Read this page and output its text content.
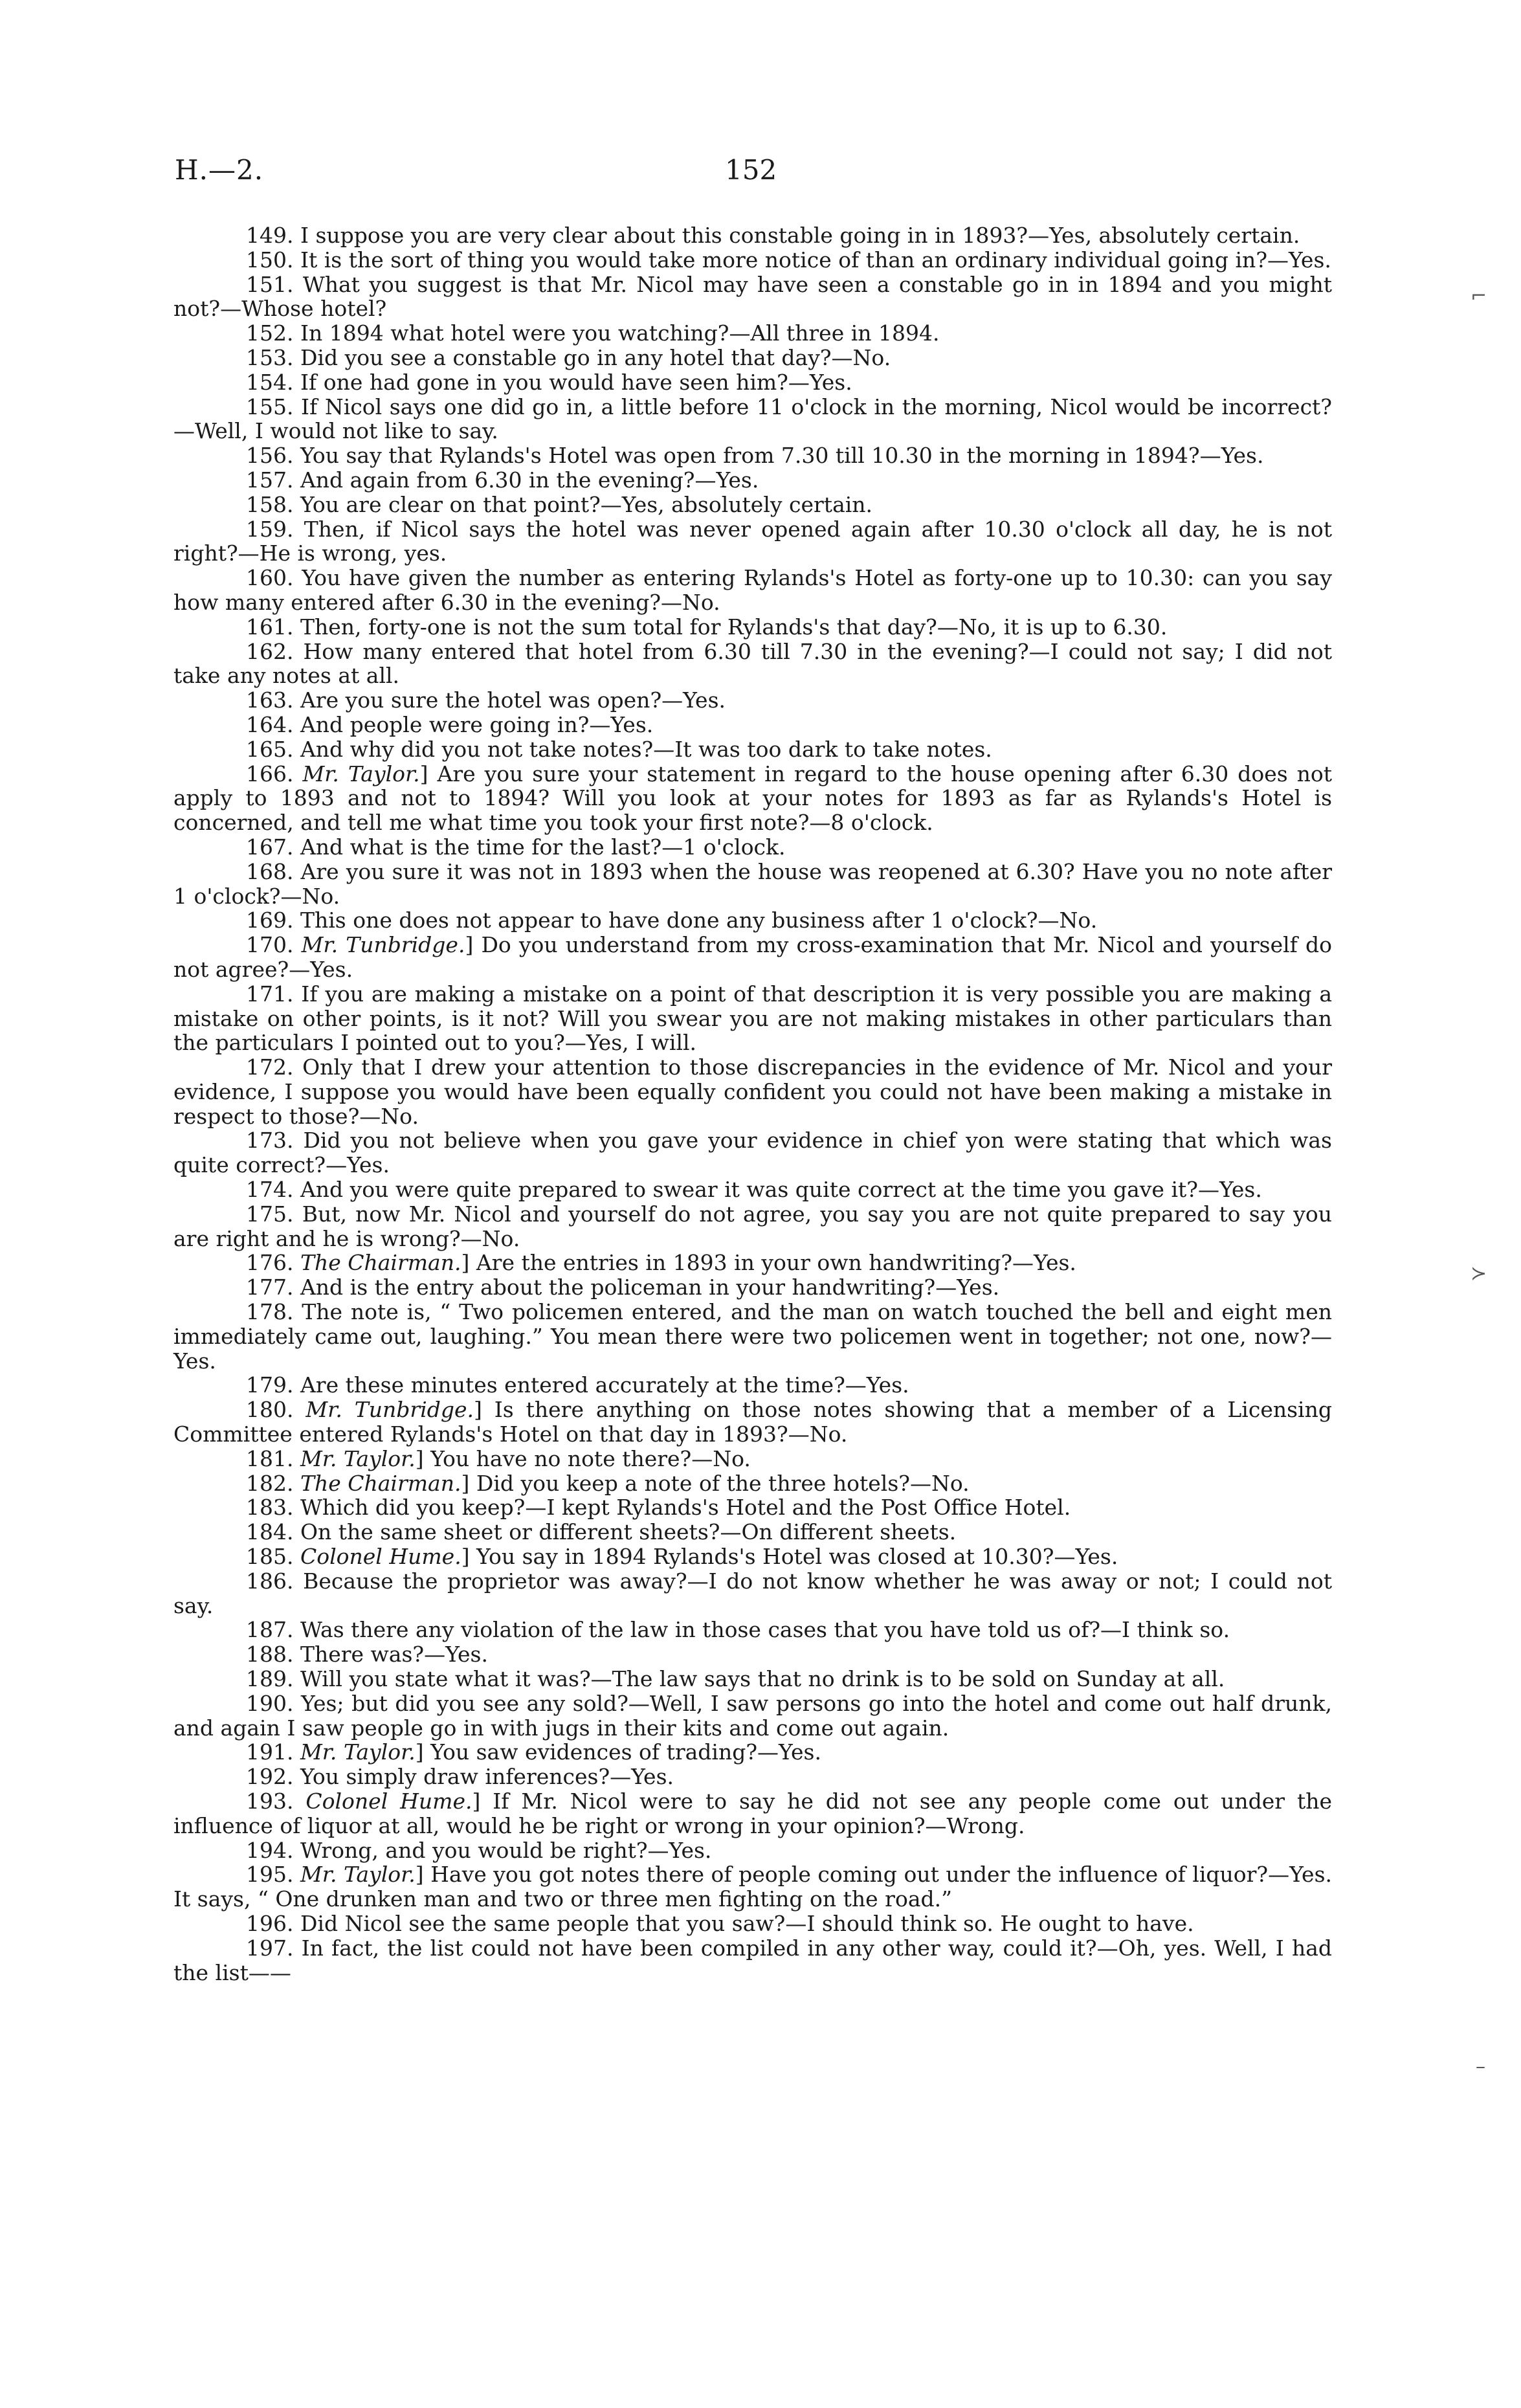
H.—2.	152
⌐
≻
–

149. I suppose you are very clear about this constable going in in 1893?—Yes, absolutely certain.

150. It is the sort of thing you would take more notice of than an ordinary individual going in?—Yes.

151. What you suggest is that Mr. Nicol may have seen a constable go in in 1894 and you might not?—Whose hotel?

152. In 1894 what hotel were you watching?—All three in 1894.

153. Did you see a constable go in any hotel that day?—No.

154. If one had gone in you would have seen him?—Yes.

155. If Nicol says one did go in, a little before 11 o'clock in the morning, Nicol would be incorrect?—Well, I would not like to say.

156. You say that Rylands's Hotel was open from 7.30 till 10.30 in the morning in 1894?—Yes.

157. And again from 6.30 in the evening?—Yes.

158. You are clear on that point?—Yes, absolutely certain.

159. Then, if Nicol says the hotel was never opened again after 10.30 o'clock all day, he is not right?—He is wrong, yes.

160. You have given the number as entering Rylands's Hotel as forty-one up to 10.30: can you say how many entered after 6.30 in the evening?—No.

161. Then, forty-one is not the sum total for Rylands's that day?—No, it is up to 6.30.

162. How many entered that hotel from 6.30 till 7.30 in the evening?—I could not say; I did not take any notes at all.

163. Are you sure the hotel was open?—Yes.

164. And people were going in?—Yes.

165. And why did you not take notes?—It was too dark to take notes.

166. Mr. Taylor.] Are you sure your statement in regard to the house opening after 6.30 does not apply to 1893 and not to 1894? Will you look at your notes for 1893 as far as Rylands's Hotel is concerned, and tell me what time you took your first note?—8 o'clock.

167. And what is the time for the last?—1 o'clock.

168. Are you sure it was not in 1893 when the house was reopened at 6.30? Have you no note after 1 o'clock?—No.

169. This one does not appear to have done any business after 1 o'clock?—No.

170. Mr. Tunbridge.] Do you understand from my cross-examination that Mr. Nicol and yourself do not agree?—Yes.

171. If you are making a mistake on a point of that description it is very possible you are making a mistake on other points, is it not? Will you swear you are not making mistakes in other particulars than the particulars I pointed out to you?—Yes, I will.

172. Only that I drew your attention to those discrepancies in the evidence of Mr. Nicol and your evidence, I suppose you would have been equally confident you could not have been making a mistake in respect to those?—No.

173. Did you not believe when you gave your evidence in chief yon were stating that which was quite correct?—Yes.

174. And you were quite prepared to swear it was quite correct at the time you gave it?—Yes.

175. But, now Mr. Nicol and yourself do not agree, you say you are not quite prepared to say you are right and he is wrong?—No.

176. The Chairman.] Are the entries in 1893 in your own handwriting?—Yes.

177. And is the entry about the policeman in your handwriting?—Yes.

178. The note is, “ Two policemen entered, and the man on watch touched the bell and eight men immediately came out, laughing.” You mean there were two policemen went in together; not one, now?—Yes.

179. Are these minutes entered accurately at the time?—Yes.

180. Mr. Tunbridge.] Is there anything on those notes showing that a member of a Licensing Committee entered Rylands's Hotel on that day in 1893?—No.

181. Mr. Taylor.] You have no note there?—No.

182. The Chairman.] Did you keep a note of the three hotels?—No.

183. Which did you keep?—I kept Rylands's Hotel and the Post Office Hotel.

184. On the same sheet or different sheets?—On different sheets.

185. Colonel Hume.] You say in 1894 Rylands's Hotel was closed at 10.30?—Yes.

186. Because the proprietor was away?—I do not know whether he was away or not; I could not say.

187. Was there any violation of the law in those cases that you have told us of?—I think so.

188. There was?—Yes.

189. Will you state what it was?—The law says that no drink is to be sold on Sunday at all.

190. Yes; but did you see any sold?—Well, I saw persons go into the hotel and come out half drunk, and again I saw people go in with jugs in their kits and come out again.

191. Mr. Taylor.] You saw evidences of trading?—Yes.

192. You simply draw inferences?—Yes.

193. Colonel Hume.] If Mr. Nicol were to say he did not see any people come out under the influence of liquor at all, would he be right or wrong in your opinion?—Wrong.

194. Wrong, and you would be right?—Yes.

195. Mr. Taylor.] Have you got notes there of people coming out under the influence of liquor?—Yes. It says, “ One drunken man and two or three men fighting on the road.”

196. Did Nicol see the same people that you saw?—I should think so. He ought to have.

197. In fact, the list could not have been compiled in any other way, could it?—Oh, yes. Well, I had the list——
